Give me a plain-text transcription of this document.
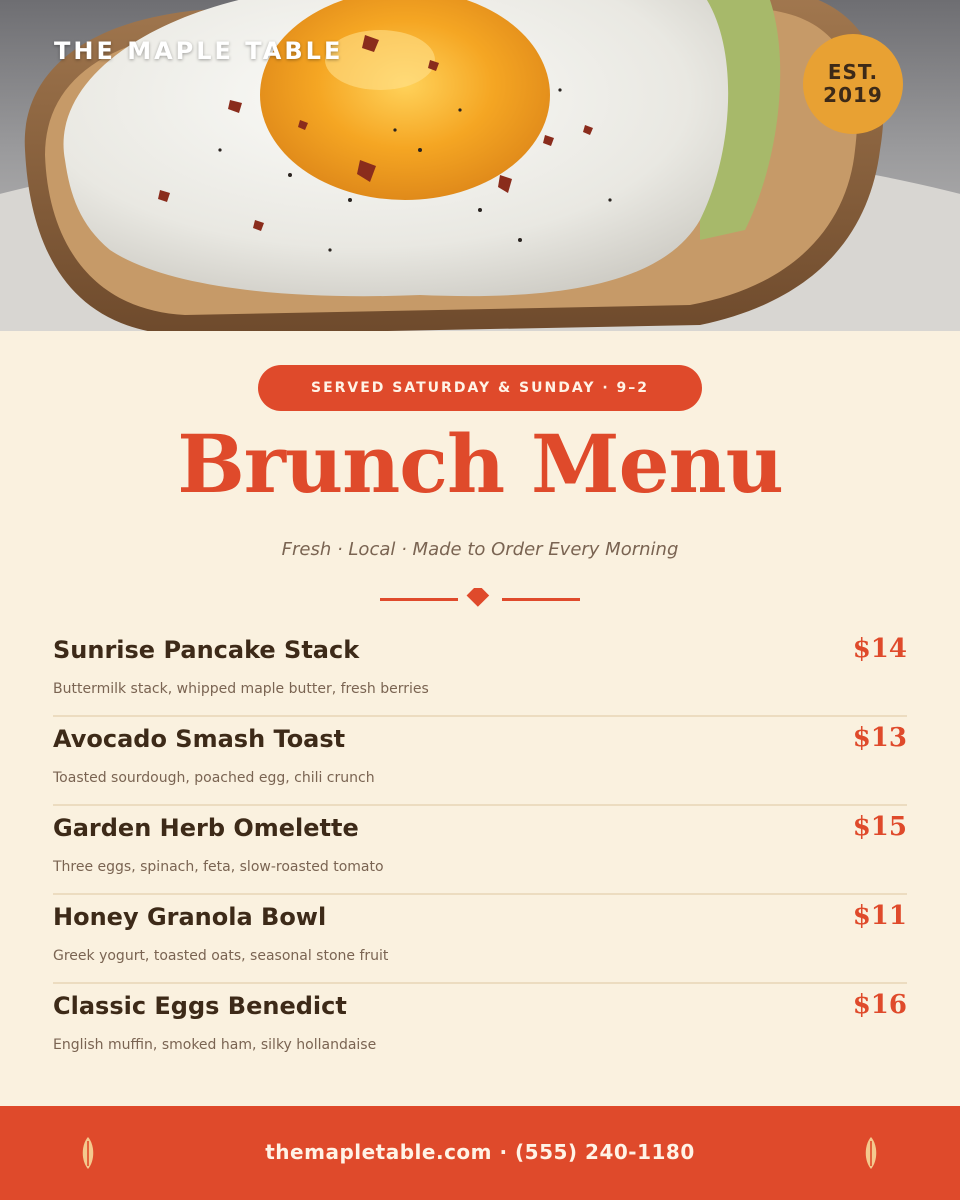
THE MAPLE TABLE
EST.
2019
SERVED SATURDAY & SUNDAY · 9–2
Brunch Menu
Fresh · Local · Made to Order Every Morning
Sunrise Pancake Stack
Buttermilk stack, whipped maple butter, fresh berries
$14
Avocado Smash Toast
Toasted sourdough, poached egg, chili crunch
$13
Garden Herb Omelette
Three eggs, spinach, feta, slow-roasted tomato
$15
Honey Granola Bowl
Greek yogurt, toasted oats, seasonal stone fruit
$11
Classic Eggs Benedict
English muffin, smoked ham, silky hollandaise
$16
themapletable.com · (555) 240-1180
